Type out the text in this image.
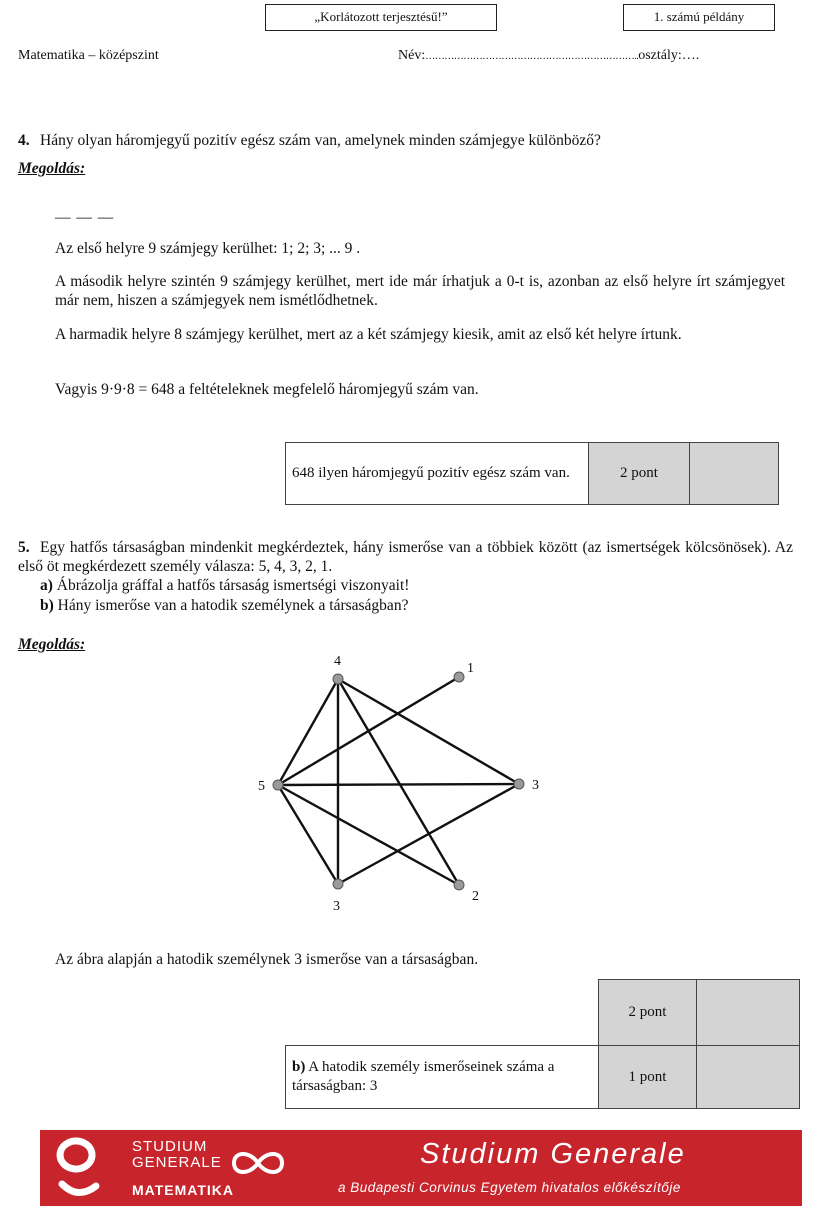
„Korlátozott terjesztésű!”	1. számú példány
Matematika – középszint	Név:…………………………………………………………..osztály:….
4. Hány olyan háromjegyű pozitív egész szám van, amelynek minden számjegye különböző?
Megoldás:
— — —
Az első helyre 9 számjegy kerülhet: 1; 2; 3; ... 9 .
A második helyre szintén 9 számjegy kerülhet, mert ide már írhatjuk a 0-t is, azonban az első helyre írt számjegyet már nem, hiszen a számjegyek nem ismétlődhetnek.
A harmadik helyre 8 számjegy kerülhet, mert az a két számjegy kiesik, amit az első két helyre írtunk.
Vagyis 9·9·8 = 648 a feltételeknek megfelelő háromjegyű szám van.
648 ilyen háromjegyű pozitív egész szám van.	2 pont	
5. Egy hatfős társaságban mindenkit megkérdeztek, hány ismerőse van a többiek között (az ismertségek kölcsönösek). Az első öt megkérdezett személy válasza: 5, 4, 3, 2, 1.
a) Ábrázolja gráffal a hatfős társaság ismertségi viszonyait!
b) Hány ismerőse van a hatodik személynek a társaságban?
Megoldás:
4	1
5	3
3
2
Az ábra alapján a hatodik személynek 3 ismerőse van a társaságban.
	2 pont	
b) A hatodik személy ismerőseinek száma a társaságban: 3	1 pont	
STUDIUM
GENERALE
MATEMATIKA
Studium Generale
a Budapesti Corvinus Egyetem hivatalos előkészítője
